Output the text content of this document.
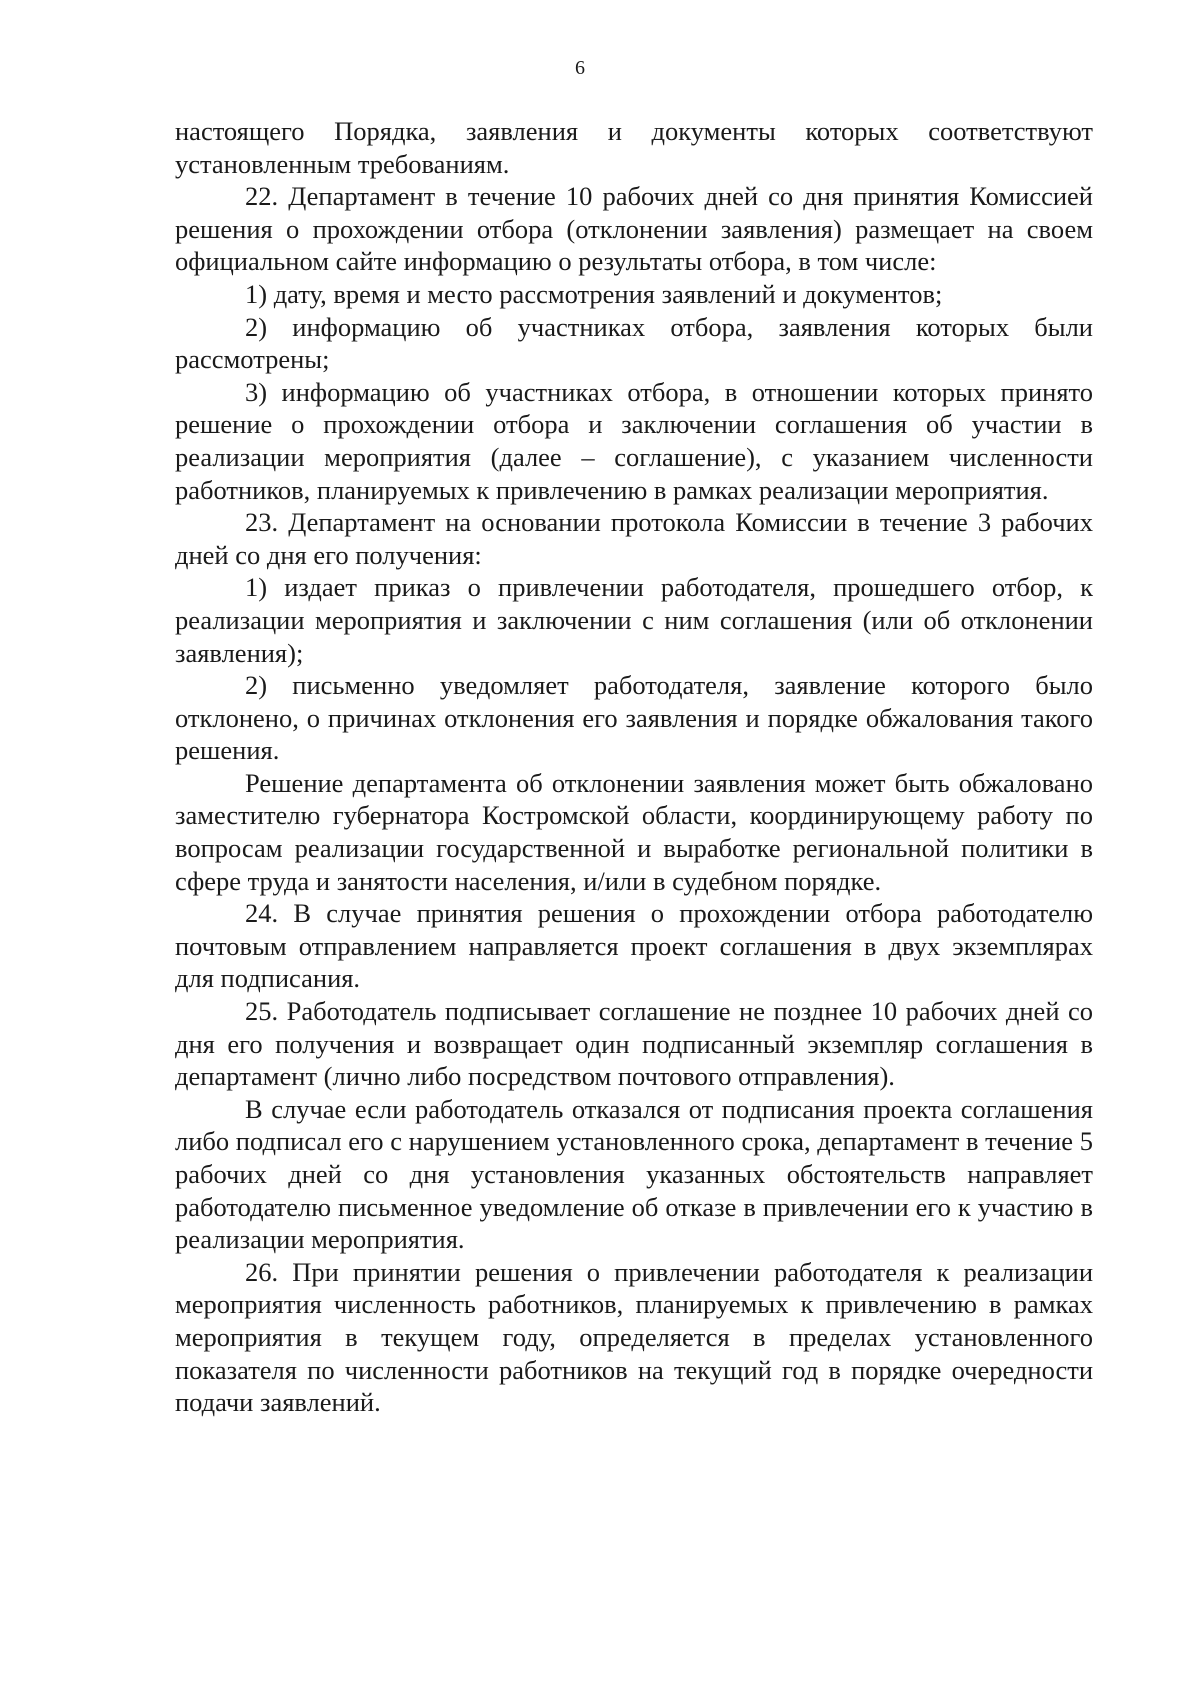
6

настоящего Порядка, заявления и документы которых соответствуют установленным требованиям.

22. Департамент в течение 10 рабочих дней со дня принятия Комиссией решения о прохождении отбора (отклонении заявления) размещает на своем официальном сайте информацию о результаты отбора, в том числе:

1) дату, время и место рассмотрения заявлений и документов;

2) информацию об участниках отбора, заявления которых были рассмотрены;

3) информацию об участниках отбора, в отношении которых принято решение о прохождении отбора и заключении соглашения об участии в реализации мероприятия (далее – соглашение), с указанием численности работников, планируемых к привлечению в рамках реализации мероприятия.

23. Департамент на основании протокола Комиссии в течение 3 рабочих дней со дня его получения:

1) издает приказ о привлечении работодателя, прошедшего отбор, к реализации мероприятия и заключении с ним соглашения (или об отклонении заявления);

2) письменно уведомляет работодателя, заявление которого было отклонено, о причинах отклонения его заявления и порядке обжалования такого решения.

Решение департамента об отклонении заявления может быть обжаловано заместителю губернатора Костромской области, координирующему работу по вопросам реализации государственной и выработке региональной политики в сфере труда и занятости населения, и/или в судебном порядке.

24. В случае принятия решения о прохождении отбора работодателю почтовым отправлением направляется проект соглашения в двух экземплярах для подписания.

25. Работодатель подписывает соглашение не позднее 10 рабочих дней со дня его получения и возвращает один подписанный экземпляр соглашения в департамент (лично либо посредством почтового отправления).

В случае если работодатель отказался от подписания проекта соглашения либо подписал его с нарушением установленного срока, департамент в течение 5 рабочих дней со дня установления указанных обстоятельств направляет работодателю письменное уведомление об отказе в привлечении его к участию в реализации мероприятия.

26. При принятии решения о привлечении работодателя к реализации мероприятия численность работников, планируемых к привлечению в рамках мероприятия в текущем году, определяется в пределах установленного показателя по численности работников на текущий год в порядке очередности подачи заявлений.
